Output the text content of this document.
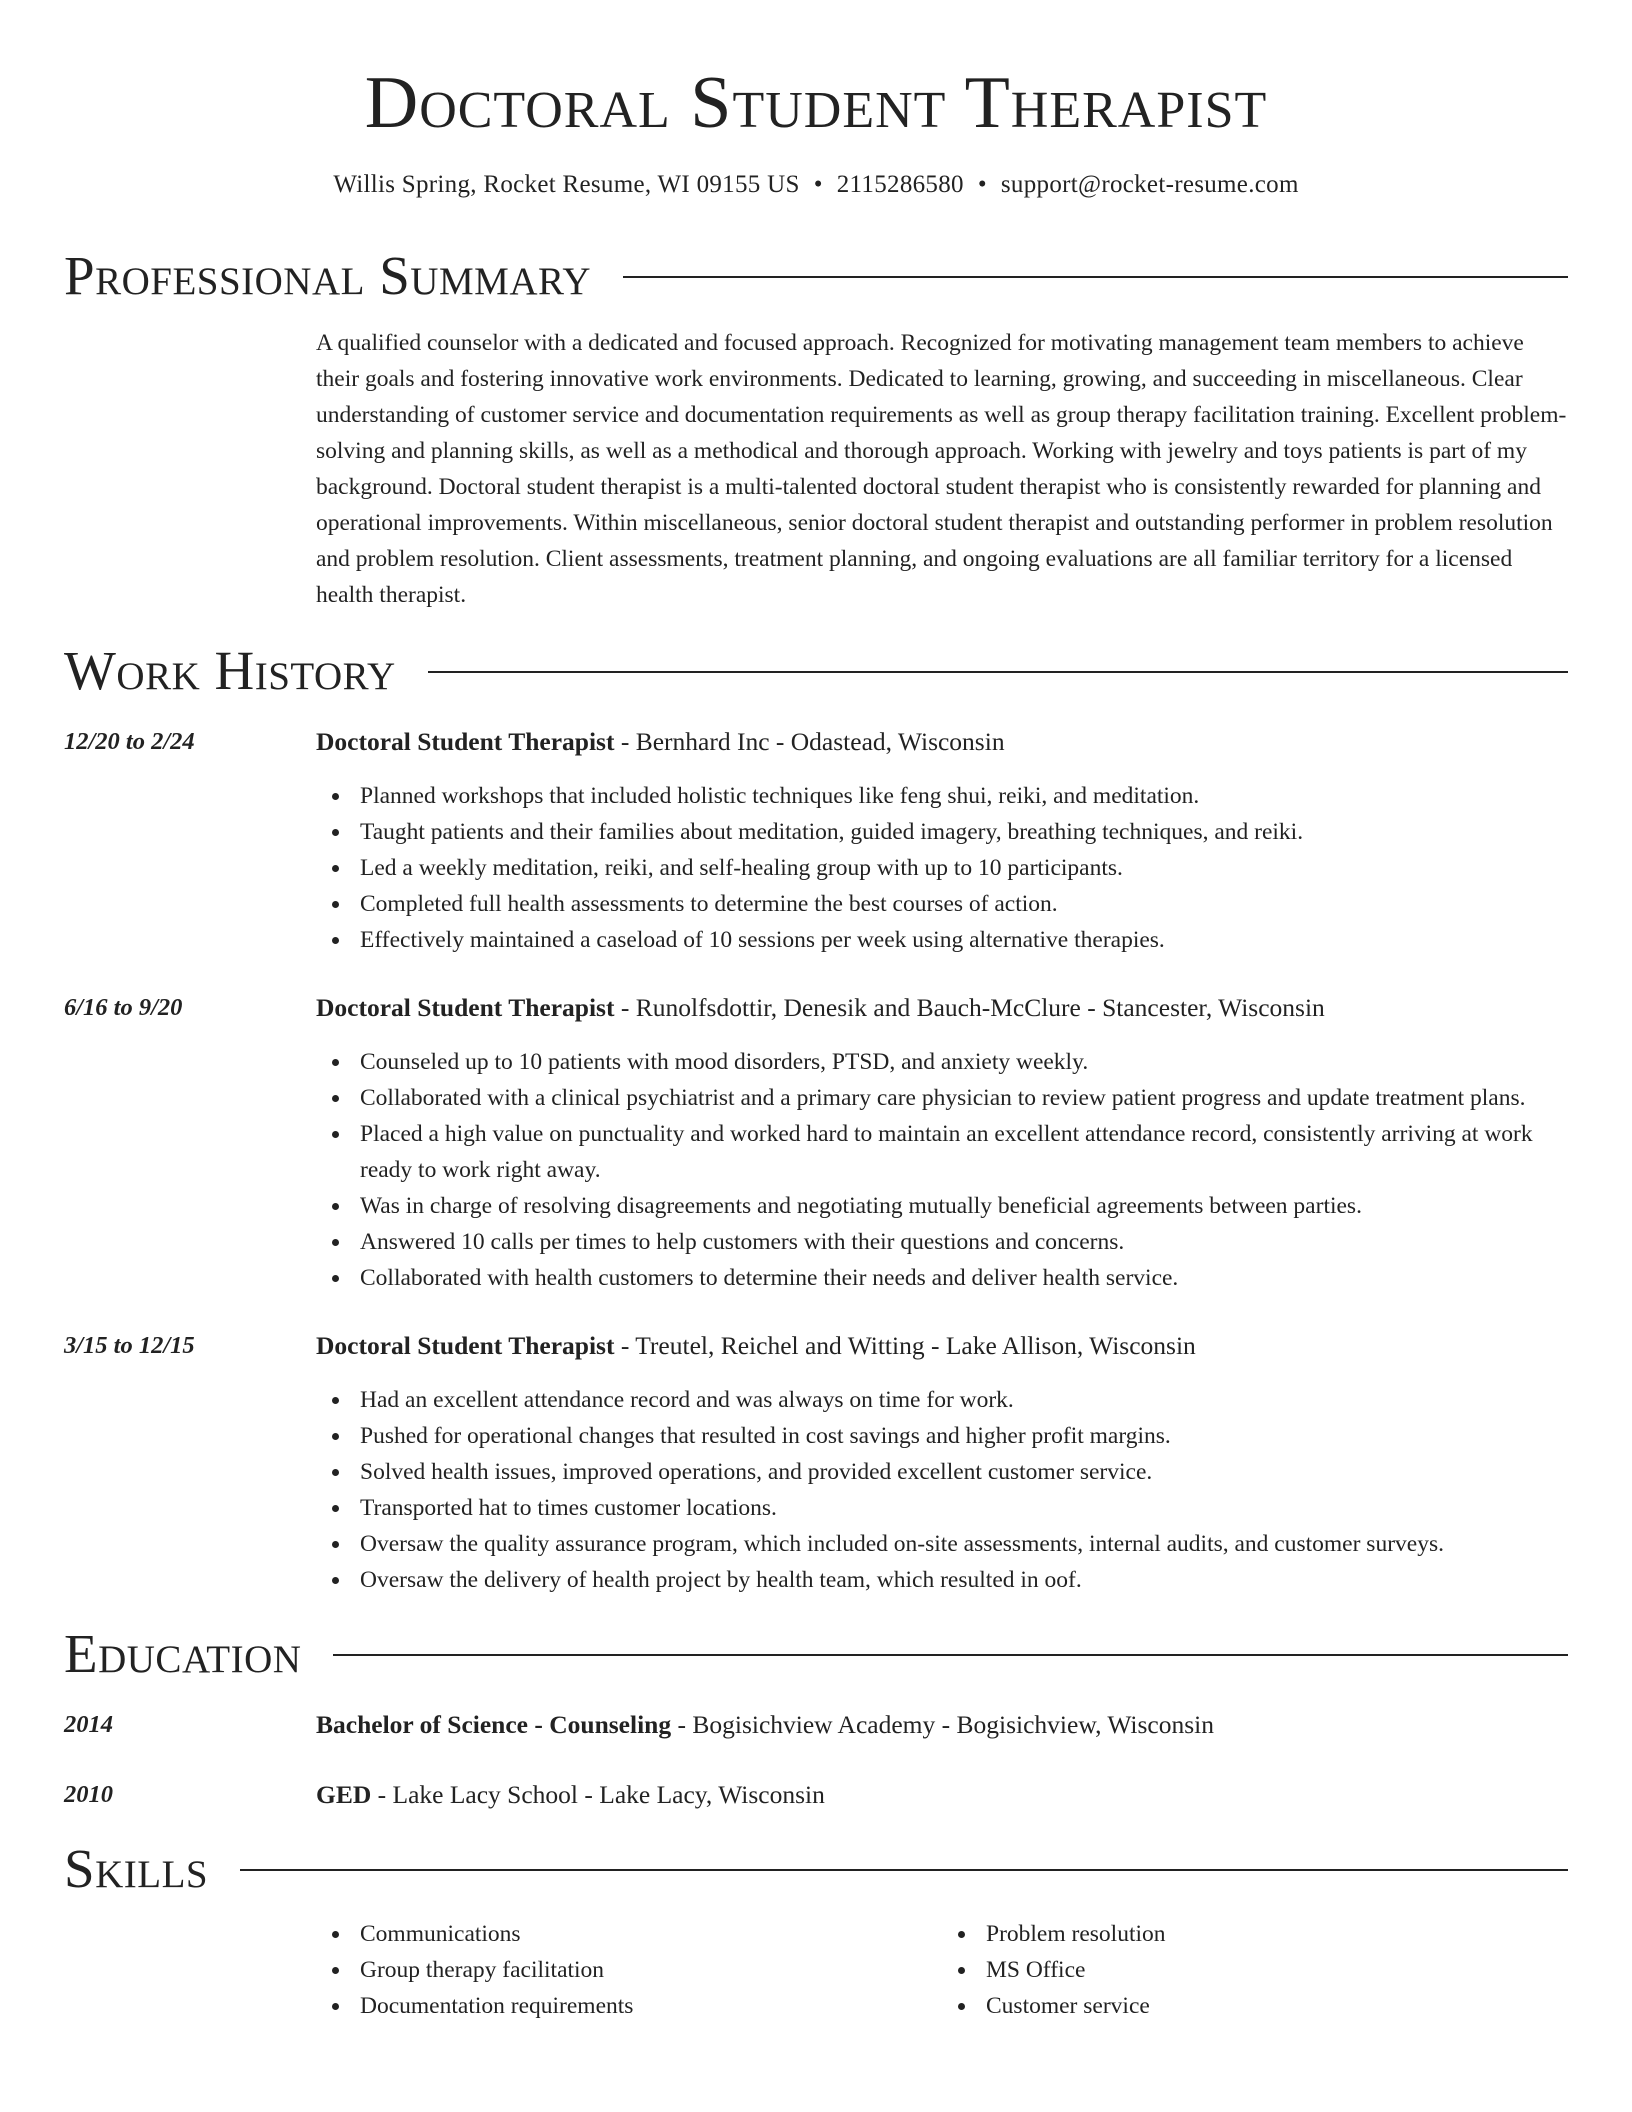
Doctoral Student Therapist
Willis Spring, Rocket Resume, WI 09155 US • 2115286580 • support@rocket-resume.com
Professional Summary
A qualified counselor with a dedicated and focused approach. Recognized for motivating management team members to achieve their goals and fostering innovative work environments. Dedicated to learning, growing, and succeeding in miscellaneous. Clear understanding of customer service and documentation requirements as well as group therapy facilitation training. Excellent problem-solving and planning skills, as well as a methodical and thorough approach. Working with jewelry and toys patients is part of my background. Doctoral student therapist is a multi-talented doctoral student therapist who is consistently rewarded for planning and operational improvements. Within miscellaneous, senior doctoral student therapist and outstanding performer in problem resolution and problem resolution. Client assessments, treatment planning, and ongoing evaluations are all familiar territory for a licensed health therapist.
Work History
12/20 to 2/24	Doctoral Student Therapist - Bernhard Inc - Odastead, Wisconsin
Planned workshops that included holistic techniques like feng shui, reiki, and meditation.
Taught patients and their families about meditation, guided imagery, breathing techniques, and reiki.
Led a weekly meditation, reiki, and self-healing group with up to 10 participants.
Completed full health assessments to determine the best courses of action.
Effectively maintained a caseload of 10 sessions per week using alternative therapies.
6/16 to 9/20	Doctoral Student Therapist - Runolfsdottir, Denesik and Bauch-McClure - Stancester, Wisconsin
Counseled up to 10 patients with mood disorders, PTSD, and anxiety weekly.
Collaborated with a clinical psychiatrist and a primary care physician to review patient progress and update treatment plans.
Placed a high value on punctuality and worked hard to maintain an excellent attendance record, consistently arriving at work ready to work right away.
Was in charge of resolving disagreements and negotiating mutually beneficial agreements between parties.
Answered 10 calls per times to help customers with their questions and concerns.
Collaborated with health customers to determine their needs and deliver health service.
3/15 to 12/15	Doctoral Student Therapist - Treutel, Reichel and Witting - Lake Allison, Wisconsin
Had an excellent attendance record and was always on time for work.
Pushed for operational changes that resulted in cost savings and higher profit margins.
Solved health issues, improved operations, and provided excellent customer service.
Transported hat to times customer locations.
Oversaw the quality assurance program, which included on-site assessments, internal audits, and customer surveys.
Oversaw the delivery of health project by health team, which resulted in oof.
Education
2014	Bachelor of Science - Counseling - Bogisichview Academy - Bogisichview, Wisconsin
2010	GED - Lake Lacy School - Lake Lacy, Wisconsin
Skills
Communications
Group therapy facilitation
Documentation requirements
Problem resolution
MS Office
Customer service
